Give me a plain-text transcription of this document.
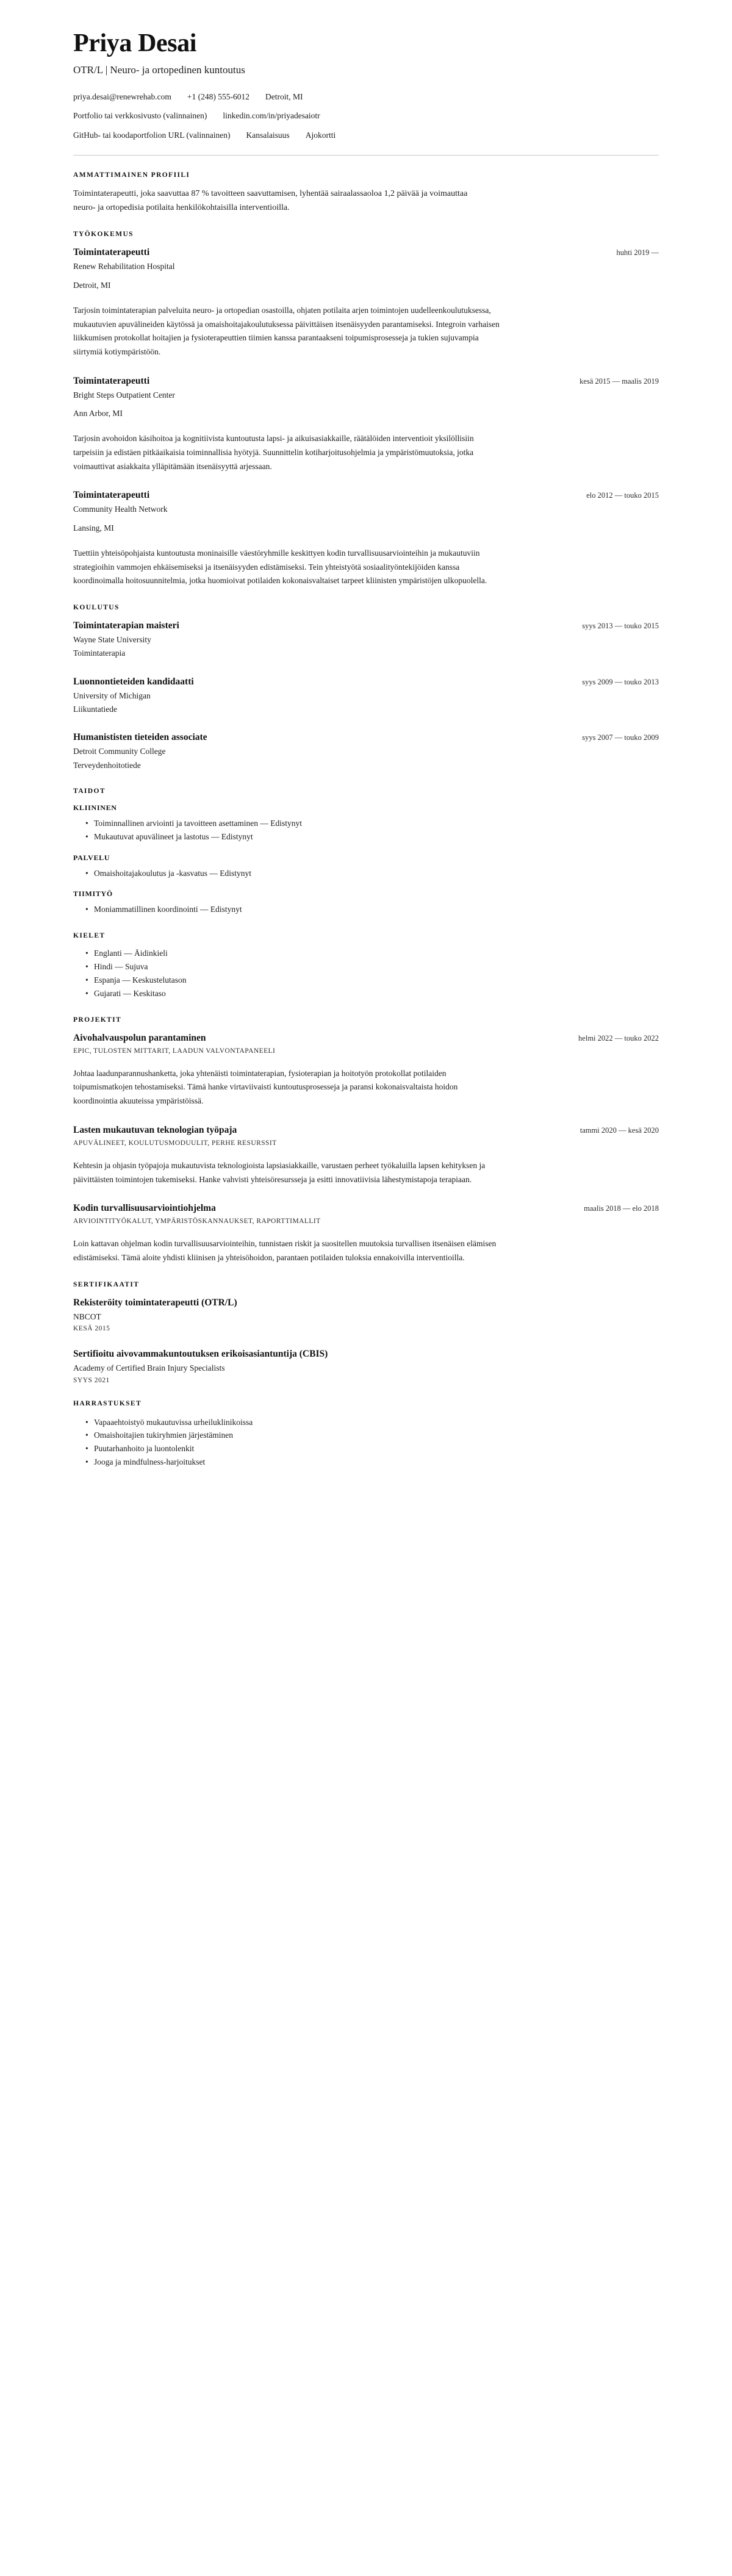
Priya Desai
OTR/L | Neuro- ja ortopedinen kuntoutus
priya.desai@renewrehab.com +1 (248) 555-6012 Detroit, MI
Portfolio tai verkkosivusto (valinnainen) linkedin.com/in/priyadesaiotr
GitHub- tai koodaportfolion URL (valinnainen) Kansalaisuus Ajokortti
AMMATTIMAINEN PROFIILI

Toimintaterapeutti, joka saavuttaa 87 % tavoitteen saavuttamisen, lyhentää sairaalassaoloa 1,2 päivää ja voimauttaa neuro- ja ortopedisia potilaita henkilökohtaisilla interventioilla.

TYÖKOKEMUS
Toimintaterapeutti	huhti 2019 —
Renew Rehabilitation Hospital
Detroit, MI
Tarjosin toimintaterapian palveluita neuro- ja ortopedian osastoilla, ohjaten potilaita arjen toimintojen uudelleenkoulutuksessa, mukautuvien apuvälineiden käytössä ja omaishoitajakoulutuksessa päivittäisen itsenäisyyden parantamiseksi. Integroin varhaisen liikkumisen protokollat hoitajien ja fysioterapeuttien tiimien kanssa parantaakseni toipumisprosesseja ja tukien sujuvampia siirtymiä kotiympäristöön.
Toimintaterapeutti	kesä 2015 — maalis 2019
Bright Steps Outpatient Center
Ann Arbor, MI
Tarjosin avohoidon käsihoitoa ja kognitiivista kuntoutusta lapsi- ja aikuisasiakkaille, räätälöiden interventioit yksilöllisiin tarpeisiin ja edistäen pitkäaikaisia toiminnallisia hyötyjä. Suunnittelin kotiharjoitusohjelmia ja ympäristömuutoksia, jotka voimauttivat asiakkaita ylläpitämään itsenäisyyttä arjessaan.
Toimintaterapeutti	elo 2012 — touko 2015
Community Health Network
Lansing, MI
Tuettiin yhteisöpohjaista kuntoutusta moninaisille väestöryhmille keskittyen kodin turvallisuusarviointeihin ja mukautuviin strategioihin vammojen ehkäisemiseksi ja itsenäisyyden edistämiseksi. Tein yhteistyötä sosiaalityöntekijöiden kanssa koordinoimalla hoitosuunnitelmia, jotka huomioivat potilaiden kokonaisvaltaiset tarpeet kliinisten ympäristöjen ulkopuolella.
KOULUTUS
Toimintaterapian maisteri	syys 2013 — touko 2015
Wayne State University
Toimintaterapia
Luonnontieteiden kandidaatti	syys 2009 — touko 2013
University of Michigan
Liikuntatiede
Humanististen tieteiden associate	syys 2007 — touko 2009
Detroit Community College
Terveydenhoitotiede
TAIDOT
KLIININEN
• Toiminnallinen arviointi ja tavoitteen asettaminen — Edistynyt
• Mukautuvat apuvälineet ja lastotus — Edistynyt
PALVELU
• Omaishoitajakoulutus ja -kasvatus — Edistynyt
TIIMITYÖ
• Moniammatillinen koordinointi — Edistynyt
KIELET
• Englanti — Äidinkieli
• Hindi — Sujuva
• Espanja — Keskustelutason
• Gujarati — Keskitaso
PROJEKTIT
Aivohalvauspolun parantaminen	helmi 2022 — touko 2022
EPIC, TULOSTEN MITTARIT, LAADUN VALVONTAPANEELI
Johtaa laadunparannushanketta, joka yhtenäisti toimintaterapian, fysioterapian ja hoitotyön protokollat potilaiden toipumismatkojen tehostamiseksi. Tämä hanke virtaviivaisti kuntoutusprosesseja ja paransi kokonaisvaltaista hoidon koordinointia akuuteissa ympäristöissä.
Lasten mukautuvan teknologian työpaja	tammi 2020 — kesä 2020
APUVÄLINEET, KOULUTUSMODUULIT, PERHE RESURSSIT
Kehtesin ja ohjasin työpajoja mukautuvista teknologioista lapsiasiakkaille, varustaen perheet työkaluilla lapsen kehityksen ja päivittäisten toimintojen tukemiseksi. Hanke vahvisti yhteisöresursseja ja esitti innovatiivisia lähestymistapoja terapiaan.
Kodin turvallisuusarviointiohjelma	maalis 2018 — elo 2018
ARVIOINTITYÖKALUT, YMPÄRISTÖSKANNAUKSET, RAPORTTIMALLIT
Loin kattavan ohjelman kodin turvallisuusarviointeihin, tunnistaen riskit ja suositellen muutoksia turvallisen itsenäisen elämisen edistämiseksi. Tämä aloite yhdisti kliinisen ja yhteisöhoidon, parantaen potilaiden tuloksia ennakoivilla interventioilla.
SERTIFIKAATIT
Rekisteröity toimintaterapeutti (OTR/L)
NBCOT
KESÄ 2015
Sertifioitu aivovammakuntoutuksen erikoisasiantuntija (CBIS)
Academy of Certified Brain Injury Specialists
SYYS 2021
HARRASTUKSET
• Vapaaehtoistyö mukautuvissa urheiluklinikoissa
• Omaishoitajien tukiryhmien järjestäminen
• Puutarhanhoito ja luontolenkit
• Jooga ja mindfulness-harjoitukset
